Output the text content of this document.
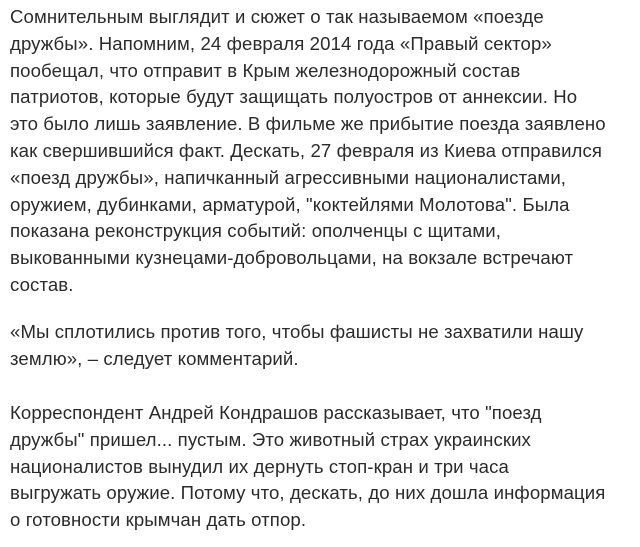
Сомнительным выглядит и сюжет о так называемом «поезде
дружбы». Напомним, 24 февраля 2014 года «Правый сектор»
пообещал, что отправит в Крым железнодорожный состав
патриотов, которые будут защищать полуостров от аннексии. Но
это было лишь заявление. В фильме же прибытие поезда заявлено
как свершившийся факт. Дескать, 27 февраля из Киева отправился
«поезд дружбы», напичканный агрессивными националистами,
оружием, дубинками, арматурой, "коктейлями Молотова". Была
показана реконструкция событий: ополченцы с щитами,
выкованными кузнецами-добровольцами, на вокзале встречают
состав.

«Мы сплотились против того, чтобы фашисты не захватили нашу
землю», – следует комментарий.

Корреспондент Андрей Кондрашов рассказывает, что "поезд
дружбы" пришел... пустым. Это животный страх украинских
националистов вынудил их дернуть стоп-кран и три часа
выгружать оружие. Потому что, дескать, до них дошла информация
о готовности крымчан дать отпор.
